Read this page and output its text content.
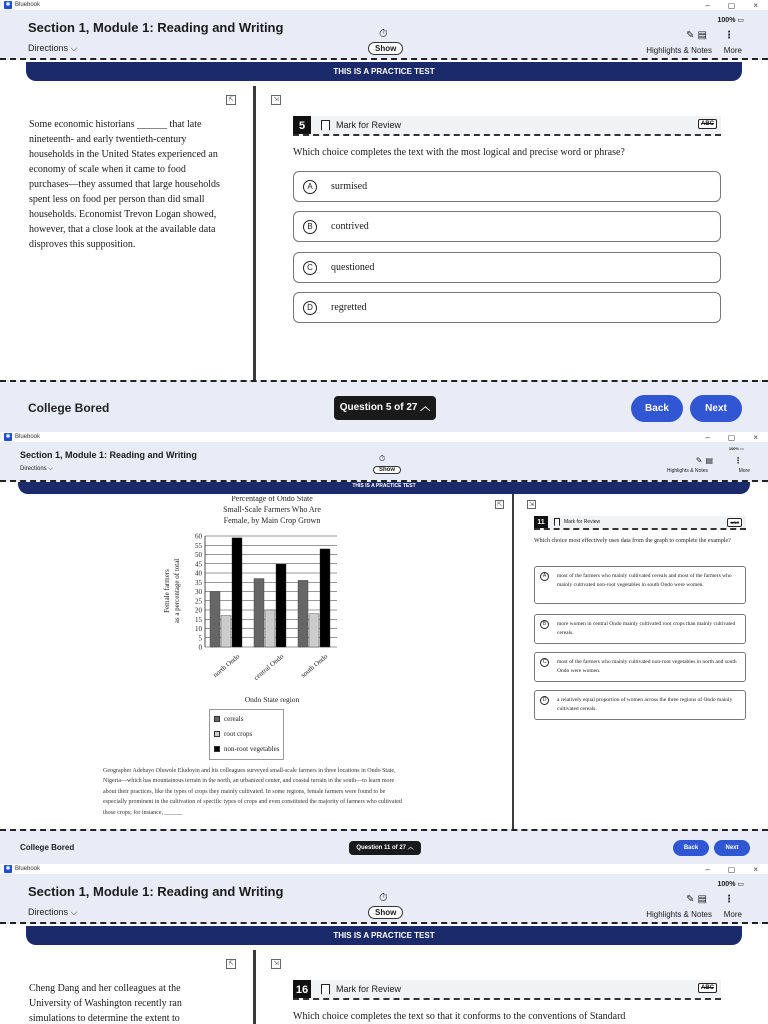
✱ Bluebook	– ▢ ×
Section 1, Module 1: Reading and Writing
Directions ⌵
⏱
Show
100% ▭
✎▤ ⋮
Highlights & Notes More
THIS IS A PRACTICE TEST
⇱	⇲
Some economic historians ______ that late nineteenth- and early twentieth-century households in the United States experienced an economy of scale when it came to food purchases—they assumed that large households spent less on food per person than did small households. Economist Trevon Logan showed, however, that a close look at the available data disproves this supposition.
5	Mark for Review	ABC
Which choice completes the text with the most logical and precise word or phrase?
A	surmised
B	contrived
C	questioned
D	regretted
College Bored	Question 5 of 27 ︿	Back	Next
✱ Bluebook	– ▢ ×
Section 1, Module 1: Reading and Writing
Directions ⌵
⏱
Show
100% ▭
✎▤ ⋮
Highlights & Notes	More
THIS IS A PRACTICE TEST
⇱	⇲
College Bored	Question 11 of 27 ︿	Back	Next
Percentage of Ondo State
Small-Scale Farmers Who Are
Female, by Main Crop Grown
0
5
10
15
20
25
30
35
40
45
50
55
60
Female farmers as a percentage of total
north Ondo central Ondo south Ondo
Ondo State region
cereals
root crops
non-root vegetables
Geographer Adebayo Oluwole Eludoyin and his colleagues surveyed small-scale farmers in three locations in Ondo State, Nigeria—which has mountainous terrain in the north, an urbanized center, and coastal terrain in the south—to learn more about their practices, like the types of crops they mainly cultivated. In some regions, female farmers were found to be especially prominent in the cultivation of specific types of crops and even constituted the majority of farmers who cultivated those crops; for instance, ______
11	Mark for Review	ABC
Which choice most effectively uses data from the graph to complete the example?
A	most of the farmers who mainly cultivated cereals and most of the farmers who mainly cultivated non-root vegetables in south Ondo were women.
B	more women in central Ondo mainly cultivated root crops than mainly cultivated cereals.
C	most of the farmers who mainly cultivated non-root vegetables in north and south Ondo were women.
D	a relatively equal proportion of women across the three regions of Ondo mainly cultivated cereals.
✱ Bluebook	– ▢ ×
Section 1, Module 1: Reading and Writing
Directions ⌵
⏱
Show
100% ▭
✎▤ ⋮
Highlights & Notes More
THIS IS A PRACTICE TEST
⇱	⇲
Cheng Dang and her colleagues at the University of Washington recently ran simulations to determine the extent to
16	Mark for Review	ABC
Which choice completes the text so that it conforms to the conventions of Standard
